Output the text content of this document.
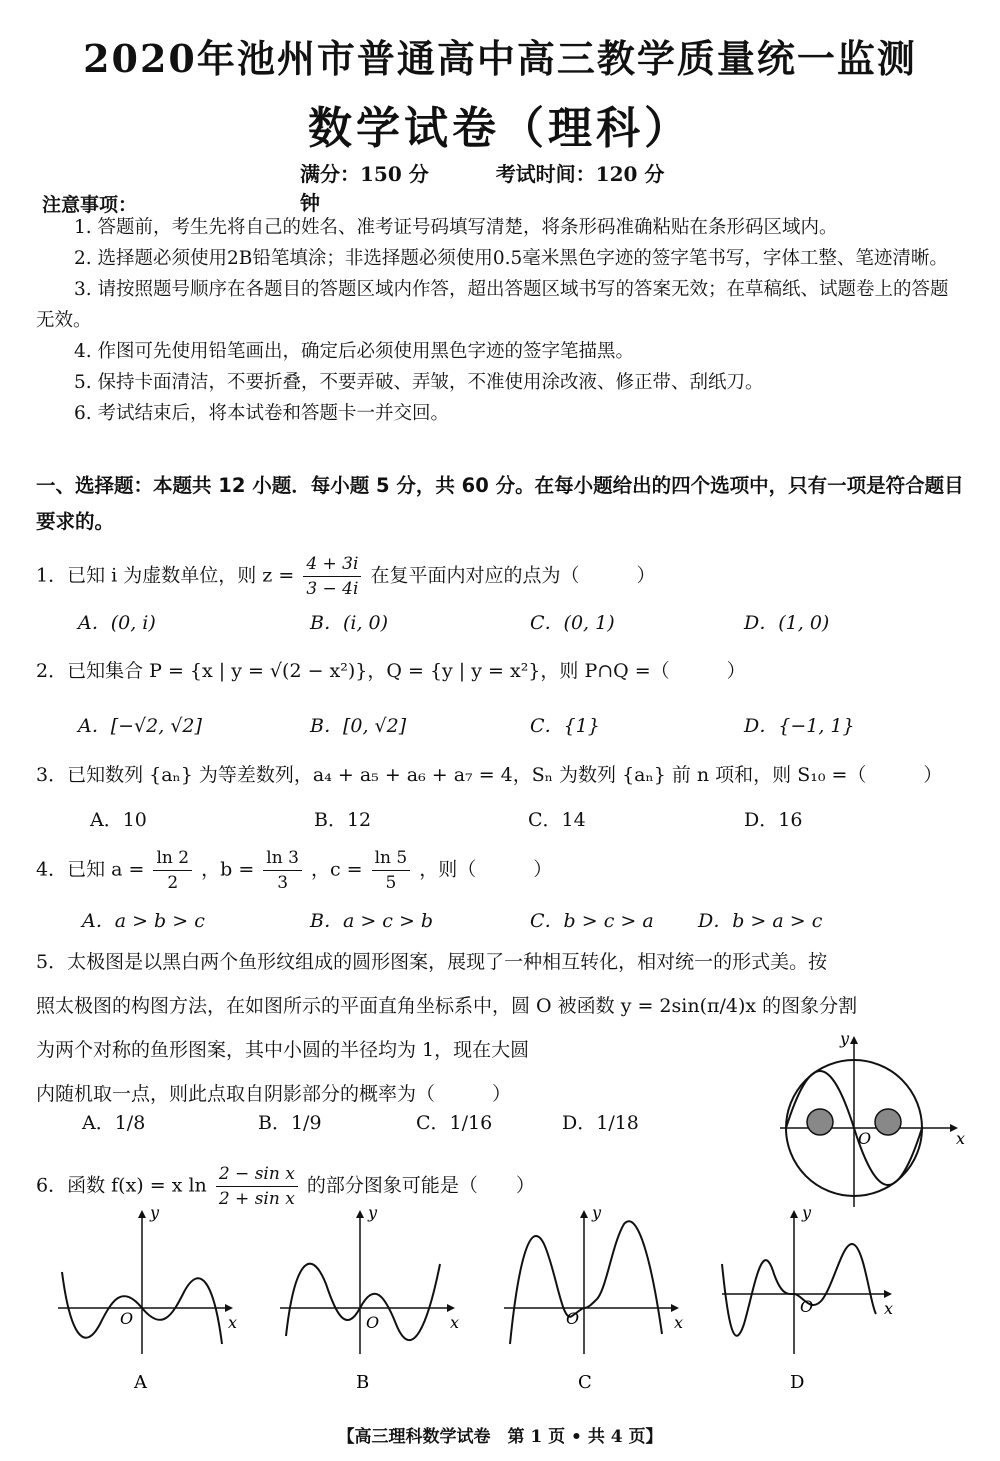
2020年池州市普通高中高三教学质量统一监测
数学试卷（理科）
满分：150 分	考试时间：120 分钟
注意事项：
1. 答题前，考生先将自己的姓名、准考证号码填写清楚，将条形码准确粘贴在条形码区域内。
2. 选择题必须使用2B铅笔填涂；非选择题必须使用0.5毫米黑色字迹的签字笔书写，字体工整、笔迹清晰。
3. 请按照题号顺序在各题目的答题区域内作答，超出答题区域书写的答案无效；在草稿纸、试题卷上的答题无效。
4. 作图可先使用铅笔画出，确定后必须使用黑色字迹的签字笔描黑。
5. 保持卡面清洁，不要折叠，不要弄破、弄皱，不准使用涂改液、修正带、刮纸刀。
6. 考试结束后，将本试卷和答题卡一并交回。
一、选择题：本题共 12 小题．每小题 5 分，共 60 分。在每小题给出的四个选项中，只有一项是符合题目要求的。
1．已知 i 为虚数单位，则 $z = \frac{4 + 3i}{3 - 4i}$ 在复平面内对应的点为（　　　）
A．(0, i)	B．(i, 0)	C．(0, 1)	D．(1, 0)
2．已知集合 P = {x | y = √(2 − x²)}，Q = {y | y = x²}，则 P∩Q =（　　　）
A．[−√2, √2]	B．[0, √2]	C．{1}	D．{−1, 1}
3．已知数列 {aₙ} 为等差数列，a₄ + a₅ + a₆ + a₇ = 4，Sₙ 为数列 {aₙ} 前 n 项和，则 S₁₀ =（　　　）
A．10	B．12	C．14	D．16
4．已知 $a = \frac{\ln 2}{2}$ ，$b = \frac{\ln 3}{3}$ ，$c = \frac{\ln 5}{5}$ ，则（　　　）
A．a > b > c	B．a > c > b	C．b > c > a D．b > a > c
5．太极图是以黑白两个鱼形纹组成的圆形图案，展现了一种相互转化，相对统一的形式美。按
照太极图的构图方法，在如图所示的平面直角坐标系中，圆 O 被函数 y = 2sin(π/4)x 的图象分割
为两个对称的鱼形图案，其中小圆的半径均为 1，现在大圆
内随机取一点，则此点取自阴影部分的概率为（　　　）
A．1/8	B．1/9	C．1/16	D．1/18
y
x
O
6．函数 f(x) = x $\ln \frac{\text{2 − sin x}}{\text{2 + sin x}}$ 的部分图象可能是（　　）
y
x
O
A
y
x
O
B
y
x
O
C
y
x
O
D
【高三理科数学试卷　第 1 页 • 共 4 页】
